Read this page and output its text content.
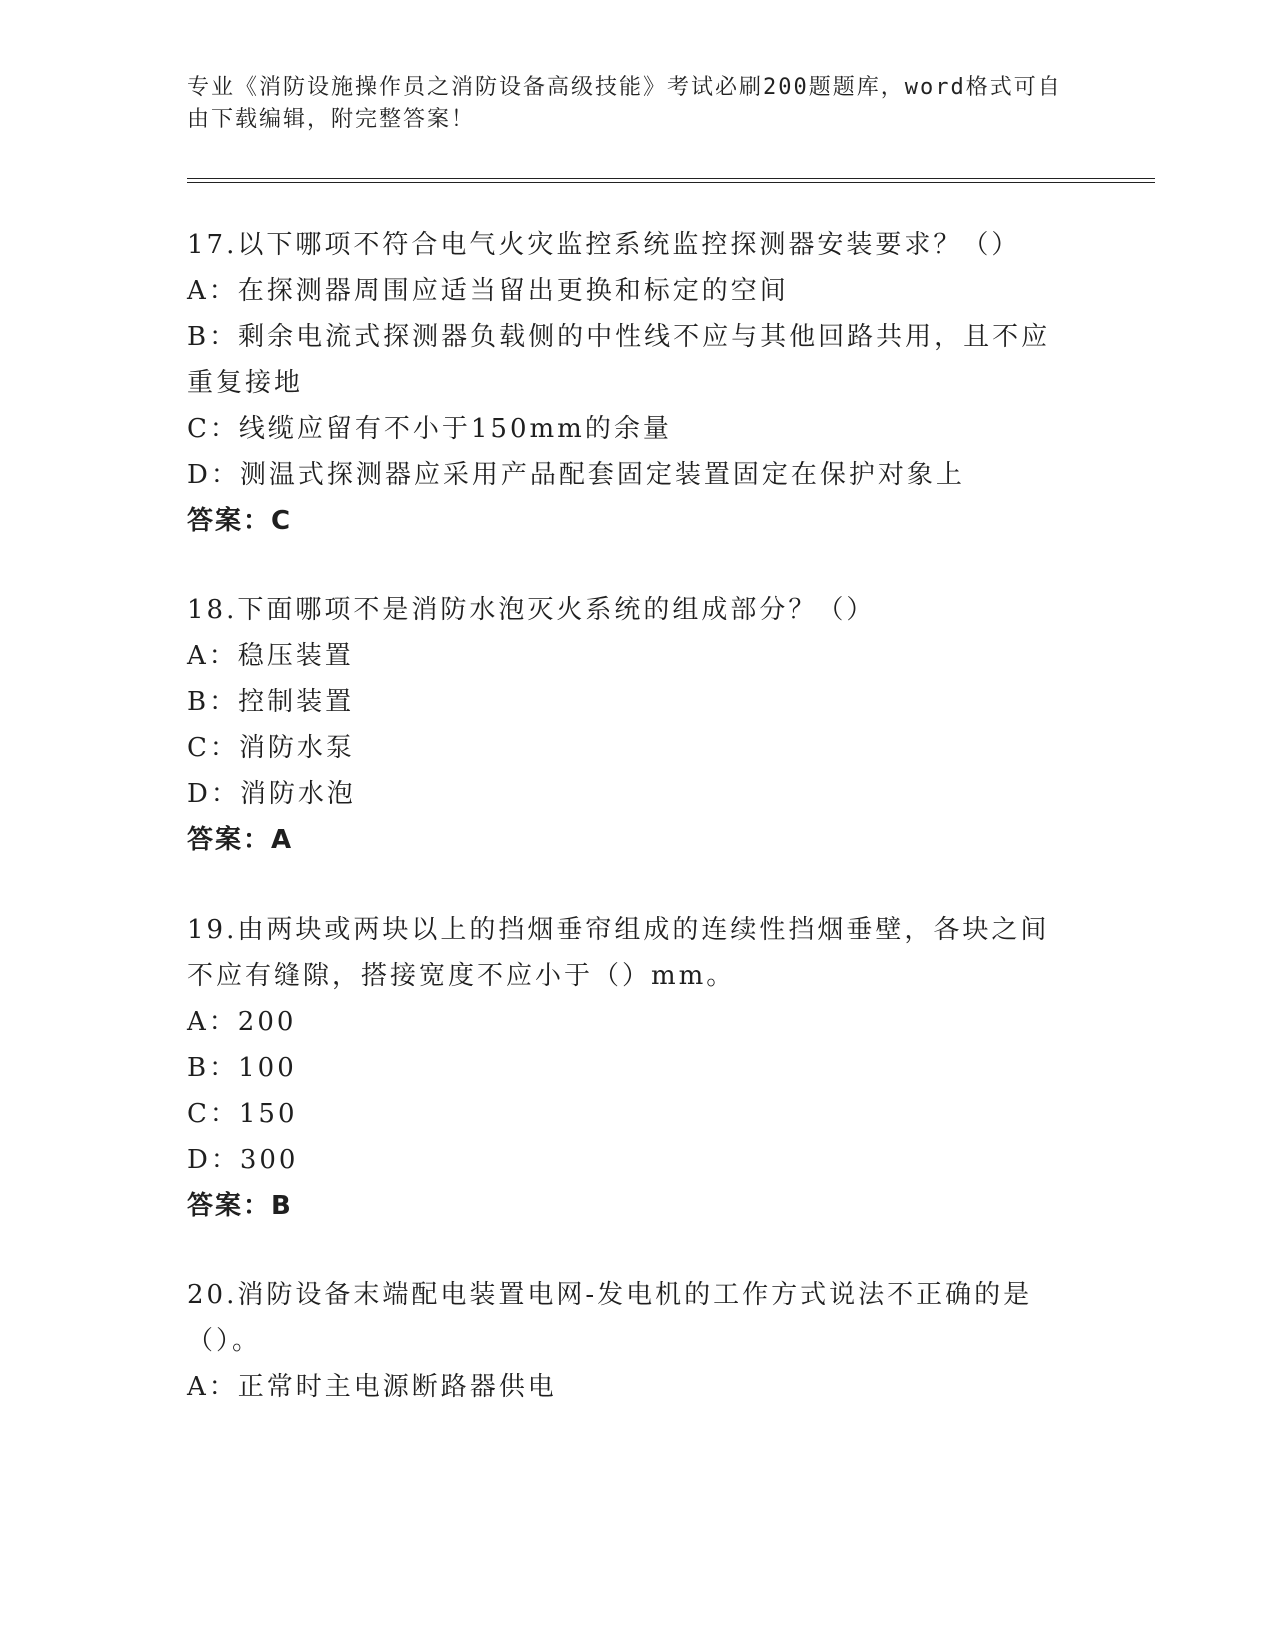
专业《消防设施操作员之消防设备高级技能》考试必刷200题题库，word格式可自由下载编辑，附完整答案！

17.以下哪项不符合电气火灾监控系统监控探测器安装要求？（）

A：在探测器周围应适当留出更换和标定的空间

B：剩余电流式探测器负载侧的中性线不应与其他回路共用，且不应重复接地

C：线缆应留有不小于150mm的余量

D：测温式探测器应采用产品配套固定装置固定在保护对象上

答案：C

18.下面哪项不是消防水泡灭火系统的组成部分？（）

A：稳压装置

B：控制装置

C：消防水泵

D：消防水泡

答案：A

19.由两块或两块以上的挡烟垂帘组成的连续性挡烟垂壁，各块之间不应有缝隙，搭接宽度不应小于（）mm。

A：200

B：100

C：150

D：300

答案：B

20.消防设备末端配电装置电网-发电机的工作方式说法不正确的是（）。

A：正常时主电源断路器供电
